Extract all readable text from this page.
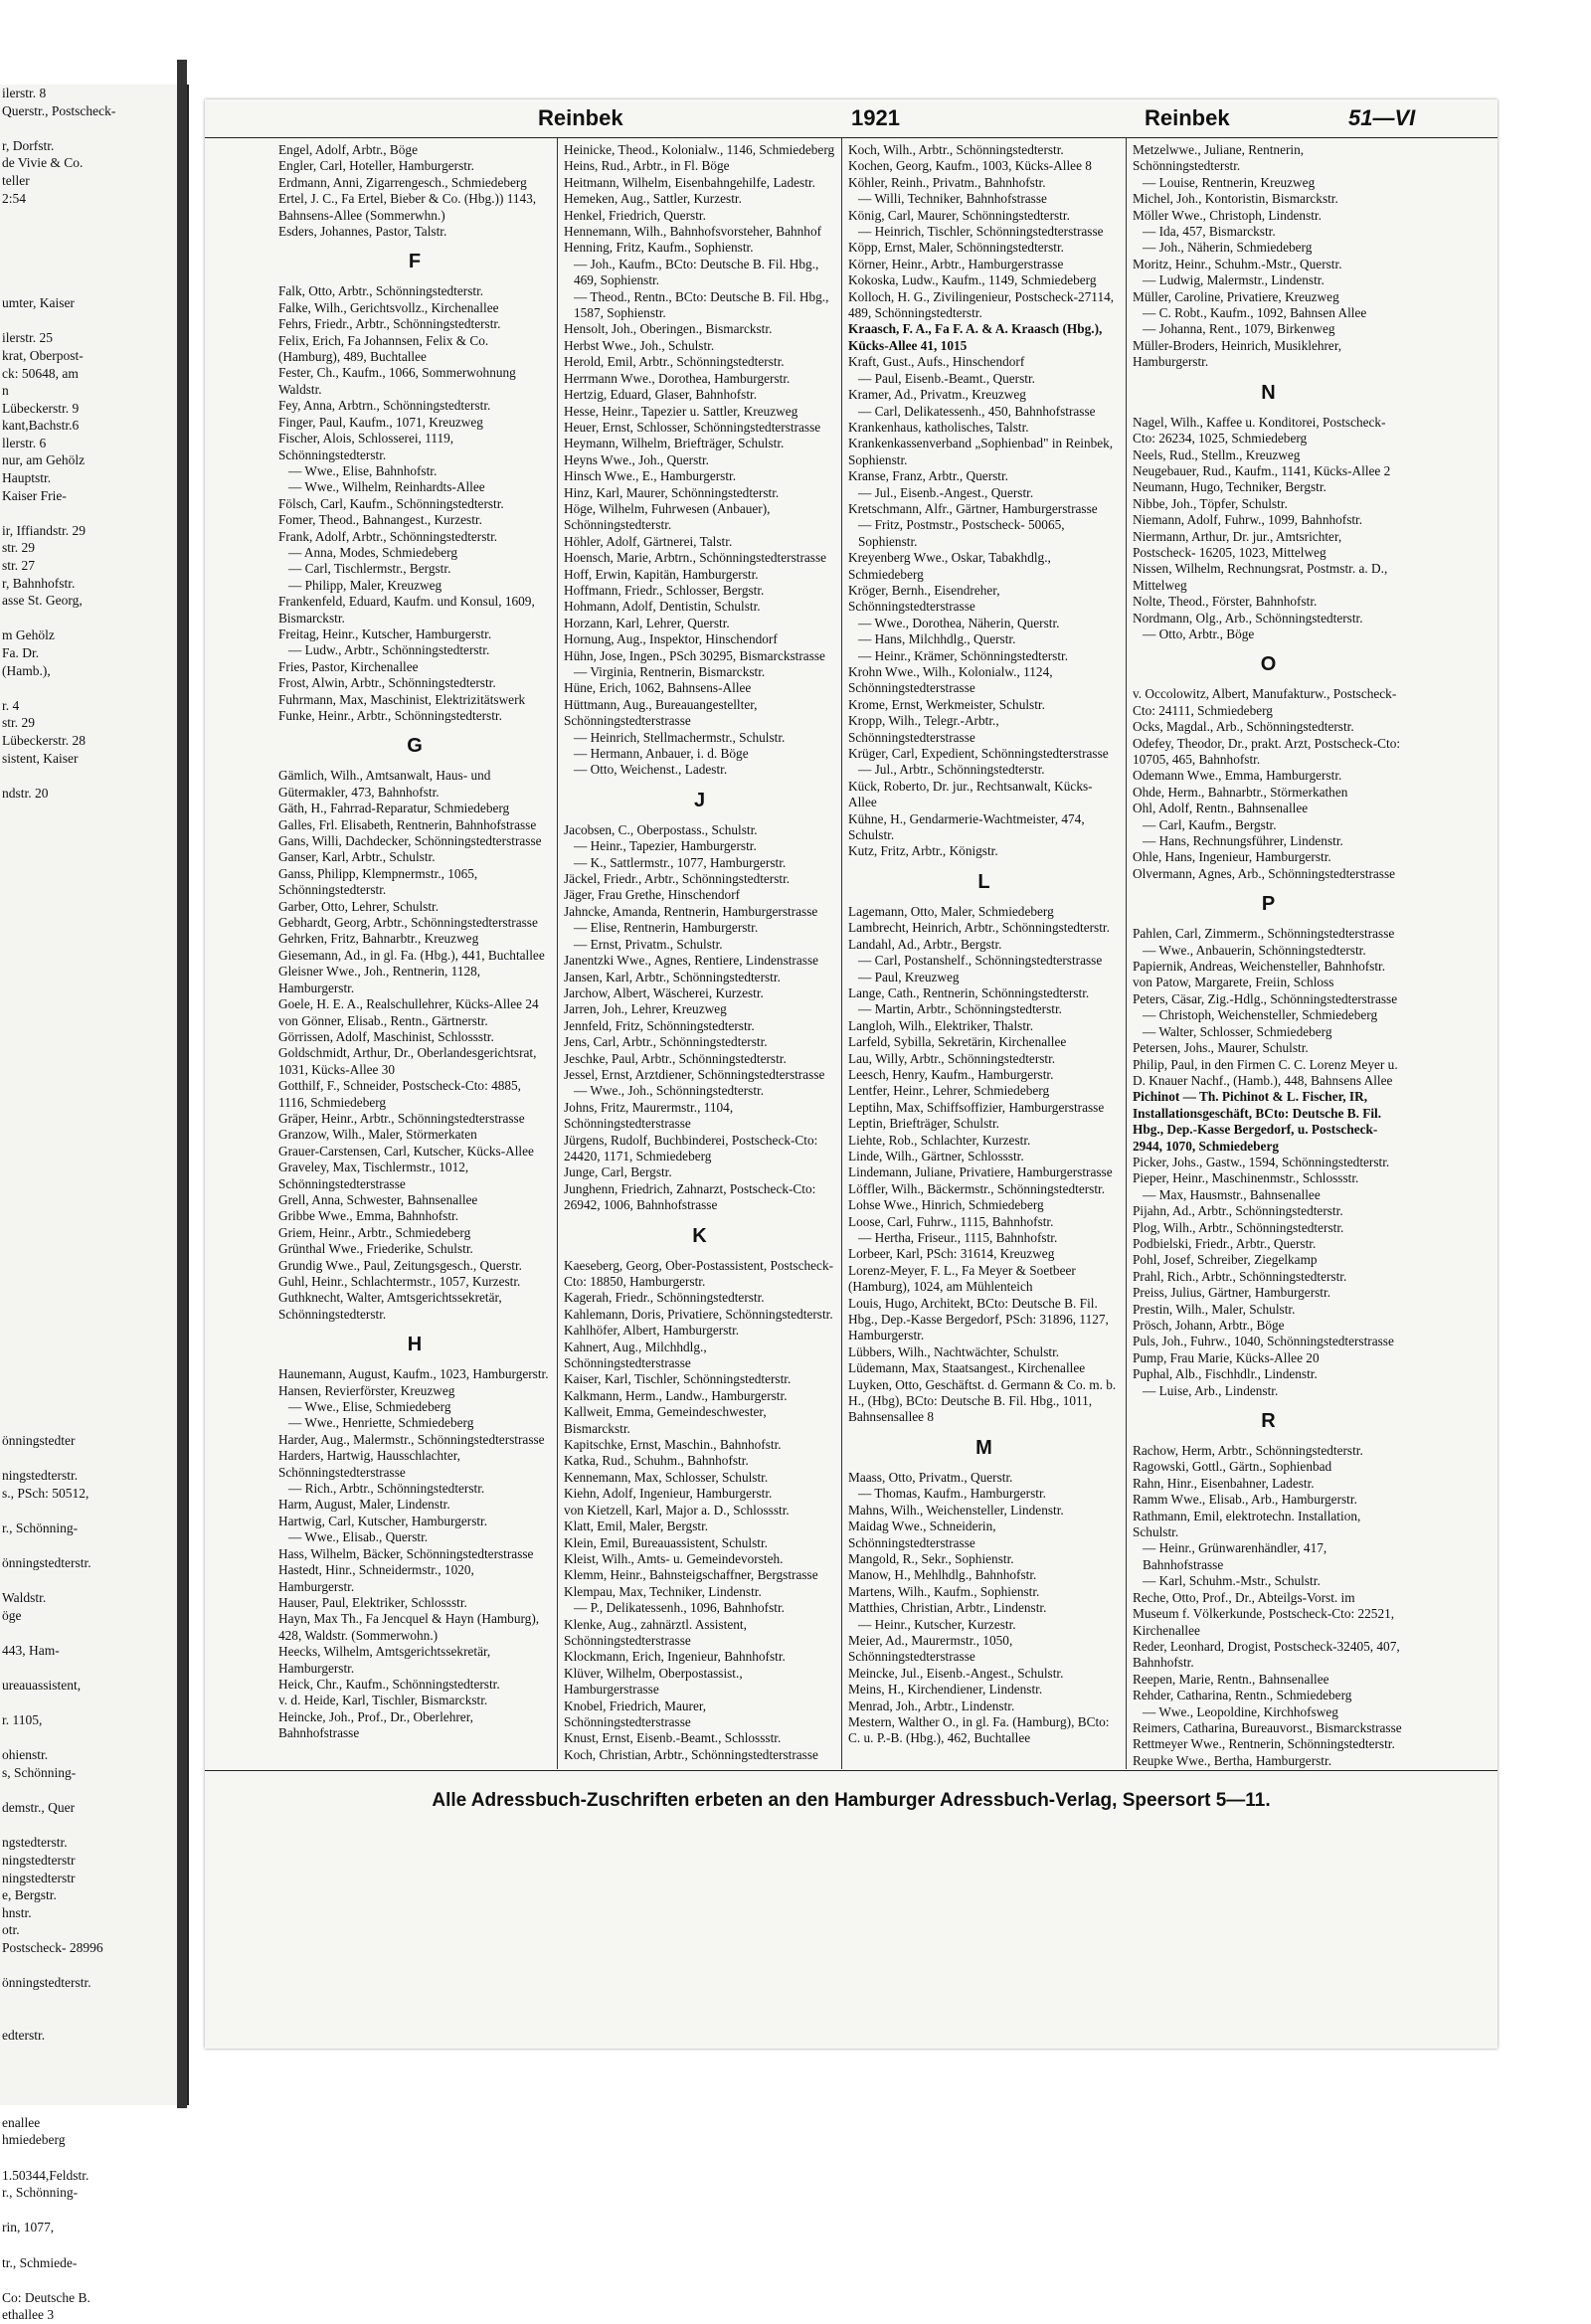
ilerstr. 8
Querstr., Postscheck-
r, Dorfstr.
de Vivie & Co.
teller
2:54
umter, Kaiser
ilerstr. 25
krat, Oberpost-
ck: 50648, am
n
Lübeckerstr. 9
kant,Bachstr.6
llerstr. 6
nur, am Gehölz
Hauptstr.
Kaiser Frie-
ir, Iffiandstr. 29
str. 29
str. 27
r, Bahnhofstr.
asse St. Georg,
m Gehölz
Fa. Dr.
(Hamb.),
r. 4
str. 29
Lübeckerstr. 28
sistent, Kaiser
ndstr. 20
önningstedter
ningstedterstr.
s., PSch: 50512,
r., Schönning-
önningstedterstr.
Waldstr.
öge
443, Ham-
ureauassistent,
r. 1105,
ohienstr.
s, Schönning-
demstr., Quer
ngstedterstr.
ningstedterstr
ningstedterstr
e, Bergstr.
hnstr.
otr.
Postscheck- 28996
önningstedterstr.
edterstr.
enallee
hmiedeberg
1.50344,Feldstr.
r., Schönning-
rin, 1077,
tr., Schmiede-
Co: Deutsche B.
ethallee 3
Reinbek	1921	Reinbek	51—VI
Engel, Adolf, Arbtr., Böge
Engler, Carl, Hoteller, Hamburgerstr.
Erdmann, Anni, Zigarrengesch., Schmiedeberg
Ertel, J. C., Fa Ertel, Bieber & Co. (Hbg.)) 1143, Bahnsens-Allee (Sommerwhn.)
Esders, Johannes, Pastor, Talstr.
F
Falk, Otto, Arbtr., Schönningstedterstr.
Falke, Wilh., Gerichtsvollz., Kirchenallee
Fehrs, Friedr., Arbtr., Schönningstedterstr.
Felix, Erich, Fa Johannsen, Felix & Co. (Hamburg), 489, Buchtallee
Fester, Ch., Kaufm., 1066, Sommerwohnung Waldstr.
Fey, Anna, Arbtrn., Schönningstedterstr.
Finger, Paul, Kaufm., 1071, Kreuzweg
Fischer, Alois, Schlosserei, 1119, Schönningstedterstr.
— Wwe., Elise, Bahnhofstr.
— Wwe., Wilhelm, Reinhardts-Allee
Fölsch, Carl, Kaufm., Schönningstedterstr.
Fomer, Theod., Bahnangest., Kurzestr.
Frank, Adolf, Arbtr., Schönningstedterstr.
— Anna, Modes, Schmiedeberg
— Carl, Tischlermstr., Bergstr.
— Philipp, Maler, Kreuzweg
Frankenfeld, Eduard, Kaufm. und Konsul, 1609, Bismarckstr.
Freitag, Heinr., Kutscher, Hamburgerstr.
— Ludw., Arbtr., Schönningstedterstr.
Fries, Pastor, Kirchenallee
Frost, Alwin, Arbtr., Schönningstedterstr.
Fuhrmann, Max, Maschinist, Elektrizitätswerk
Funke, Heinr., Arbtr., Schönningstedterstr.
G
Gämlich, Wilh., Amtsanwalt, Haus- und Gütermakler, 473, Bahnhofstr.
Gäth, H., Fahrrad-Reparatur, Schmiedeberg
Galles, Frl. Elisabeth, Rentnerin, Bahnhofstrasse
Gans, Willi, Dachdecker, Schönningstedterstrasse
Ganser, Karl, Arbtr., Schulstr.
Ganss, Philipp, Klempnermstr., 1065, Schönningstedterstr.
Garber, Otto, Lehrer, Schulstr.
Gebhardt, Georg, Arbtr., Schönningstedterstrasse
Gehrken, Fritz, Bahnarbtr., Kreuzweg
Giesemann, Ad., in gl. Fa. (Hbg.), 441, Buchtallee
Gleisner Wwe., Joh., Rentnerin, 1128, Hamburgerstr.
Goele, H. E. A., Realschullehrer, Kücks-Allee 24
von Gönner, Elisab., Rentn., Gärtnerstr.
Görrissen, Adolf, Maschinist, Schlossstr.
Goldschmidt, Arthur, Dr., Oberlandesgerichtsrat, 1031, Kücks-Allee 30
Gotthilf, F., Schneider, Postscheck-Cto: 4885, 1116, Schmiedeberg
Gräper, Heinr., Arbtr., Schönningstedterstrasse
Granzow, Wilh., Maler, Störmerkaten
Grauer-Carstensen, Carl, Kutscher, Kücks-Allee
Graveley, Max, Tischlermstr., 1012, Schönningstedterstrasse
Grell, Anna, Schwester, Bahnsenallee
Gribbe Wwe., Emma, Bahnhofstr.
Griem, Heinr., Arbtr., Schmiedeberg
Grünthal Wwe., Friederike, Schulstr.
Grundig Wwe., Paul, Zeitungsgesch., Querstr.
Guhl, Heinr., Schlachtermstr., 1057, Kurzestr.
Guthknecht, Walter, Amtsgerichtssekretär, Schönningstedterstr.
H
Haunemann, August, Kaufm., 1023, Hamburgerstr.
Hansen, Revierförster, Kreuzweg
— Wwe., Elise, Schmiedeberg
— Wwe., Henriette, Schmiedeberg
Harder, Aug., Malermstr., Schönningstedterstrasse
Harders, Hartwig, Hausschlachter, Schönningstedterstrasse
— Rich., Arbtr., Schönningstedterstr.
Harm, August, Maler, Lindenstr.
Hartwig, Carl, Kutscher, Hamburgerstr.
— Wwe., Elisab., Querstr.
Hass, Wilhelm, Bäcker, Schönningstedterstrasse
Hastedt, Hinr., Schneidermstr., 1020, Hamburgerstr.
Hauser, Paul, Elektriker, Schlossstr.
Hayn, Max Th., Fa Jencquel & Hayn (Hamburg), 428, Waldstr. (Sommerwohn.)
Heecks, Wilhelm, Amtsgerichtssekretär, Hamburgerstr.
Heick, Chr., Kaufm., Schönningstedterstr.
v. d. Heide, Karl, Tischler, Bismarckstr.
Heincke, Joh., Prof., Dr., Oberlehrer, Bahnhofstrasse
Heinicke, Theod., Kolonialw., 1146, Schmiedeberg
Heins, Rud., Arbtr., in Fl. Böge
Heitmann, Wilhelm, Eisenbahngehilfe, Ladestr.
Hemeken, Aug., Sattler, Kurzestr.
Henkel, Friedrich, Querstr.
Hennemann, Wilh., Bahnhofsvorsteher, Bahnhof
Henning, Fritz, Kaufm., Sophienstr.
— Joh., Kaufm., BCto: Deutsche B. Fil. Hbg., 469, Sophienstr.
— Theod., Rentn., BCto: Deutsche B. Fil. Hbg., 1587, Sophienstr.
Hensolt, Joh., Oberingen., Bismarckstr.
Herbst Wwe., Joh., Schulstr.
Herold, Emil, Arbtr., Schönningstedterstr.
Herrmann Wwe., Dorothea, Hamburgerstr.
Hertzig, Eduard, Glaser, Bahnhofstr.
Hesse, Heinr., Tapezier u. Sattler, Kreuzweg
Heuer, Ernst, Schlosser, Schönningstedterstrasse
Heymann, Wilhelm, Briefträger, Schulstr.
Heyns Wwe., Joh., Querstr.
Hinsch Wwe., E., Hamburgerstr.
Hinz, Karl, Maurer, Schönningstedterstr.
Höge, Wilhelm, Fuhrwesen (Anbauer), Schönningstedterstr.
Höhler, Adolf, Gärtnerei, Talstr.
Hoensch, Marie, Arbtrn., Schönningstedterstrasse
Hoff, Erwin, Kapitän, Hamburgerstr.
Hoffmann, Friedr., Schlosser, Bergstr.
Hohmann, Adolf, Dentistin, Schulstr.
Horzann, Karl, Lehrer, Querstr.
Hornung, Aug., Inspektor, Hinschendorf
Hühn, Jose, Ingen., PSch 30295, Bismarckstrasse
— Virginia, Rentnerin, Bismarckstr.
Hüne, Erich, 1062, Bahnsens-Allee
Hüttmann, Aug., Bureauangestellter, Schönningstedterstrasse
— Heinrich, Stellmachermstr., Schulstr.
— Hermann, Anbauer, i. d. Böge
— Otto, Weichenst., Ladestr.
J
Jacobsen, C., Oberpostass., Schulstr.
— Heinr., Tapezier, Hamburgerstr.
— K., Sattlermstr., 1077, Hamburgerstr.
Jäckel, Friedr., Arbtr., Schönningstedterstr.
Jäger, Frau Grethe, Hinschendorf
Jahncke, Amanda, Rentnerin, Hamburgerstrasse
— Elise, Rentnerin, Hamburgerstr.
— Ernst, Privatm., Schulstr.
Janentzki Wwe., Agnes, Rentiere, Lindenstrasse
Jansen, Karl, Arbtr., Schönningstedterstr.
Jarchow, Albert, Wäscherei, Kurzestr.
Jarren, Joh., Lehrer, Kreuzweg
Jennfeld, Fritz, Schönningstedterstr.
Jens, Carl, Arbtr., Schönningstedterstr.
Jeschke, Paul, Arbtr., Schönningstedterstr.
Jessel, Ernst, Arztdiener, Schönningstedterstrasse
— Wwe., Joh., Schönningstedterstr.
Johns, Fritz, Maurermstr., 1104, Schönningstedterstrasse
Jürgens, Rudolf, Buchbinderei, Postscheck-Cto: 24420, 1171, Schmiedeberg
Junge, Carl, Bergstr.
Junghenn, Friedrich, Zahnarzt, Postscheck-Cto: 26942, 1006, Bahnhofstrasse
K
Kaeseberg, Georg, Ober-Postassistent, Postscheck-Cto: 18850, Hamburgerstr.
Kagerah, Friedr., Schönningstedterstr.
Kahlemann, Doris, Privatiere, Schönningstedterstr.
Kahlhöfer, Albert, Hamburgerstr.
Kahnert, Aug., Milchhdlg., Schönningstedterstrasse
Kaiser, Karl, Tischler, Schönningstedterstr.
Kalkmann, Herm., Landw., Hamburgerstr.
Kallweit, Emma, Gemeindeschwester, Bismarckstr.
Kapitschke, Ernst, Maschin., Bahnhofstr.
Katka, Rud., Schuhm., Bahnhofstr.
Kennemann, Max, Schlosser, Schulstr.
Kiehn, Adolf, Ingenieur, Hamburgerstr.
von Kietzell, Karl, Major a. D., Schlossstr.
Klatt, Emil, Maler, Bergstr.
Klein, Emil, Bureauassistent, Schulstr.
Kleist, Wilh., Amts- u. Gemeindevorsteh.
Klemm, Heinr., Bahnsteigschaffner, Bergstrasse
Klempau, Max, Techniker, Lindenstr.
— P., Delikatessenh., 1096, Bahnhofstr.
Klenke, Aug., zahnärztl. Assistent, Schönningstedterstrasse
Klockmann, Erich, Ingenieur, Bahnhofstr.
Klüver, Wilhelm, Oberpostassist., Hamburgerstrasse
Knobel, Friedrich, Maurer, Schönningstedterstrasse
Knust, Ernst, Eisenb.-Beamt., Schlossstr.
Koch, Christian, Arbtr., Schönningstedterstrasse
Koch, Wilh., Arbtr., Schönningstedterstr.
Kochen, Georg, Kaufm., 1003, Kücks-Allee 8
Köhler, Reinh., Privatm., Bahnhofstr.
— Willi, Techniker, Bahnhofstrasse
König, Carl, Maurer, Schönningstedterstr.
— Heinrich, Tischler, Schönningstedterstrasse
Köpp, Ernst, Maler, Schönningstedterstr.
Körner, Heinr., Arbtr., Hamburgerstrasse
Kokoska, Ludw., Kaufm., 1149, Schmiedeberg
Kolloch, H. G., Zivilingenieur, Postscheck-27114, 489, Schönningstedterstr.
Kraasch, F. A., Fa F. A. & A. Kraasch (Hbg.), Kücks-Allee 41, 1015
Kraft, Gust., Aufs., Hinschendorf
— Paul, Eisenb.-Beamt., Querstr.
Kramer, Ad., Privatm., Kreuzweg
— Carl, Delikatessenh., 450, Bahnhofstrasse
Krankenhaus, katholisches, Talstr.
Krankenkassenverband „Sophienbad" in Reinbek, Sophienstr.
Kranse, Franz, Arbtr., Querstr.
— Jul., Eisenb.-Angest., Querstr.
Kretschmann, Alfr., Gärtner, Hamburgerstrasse
— Fritz, Postmstr., Postscheck- 50065, Sophienstr.
Kreyenberg Wwe., Oskar, Tabakhdlg., Schmiedeberg
Kröger, Bernh., Eisendreher, Schönningstedterstrasse
— Wwe., Dorothea, Näherin, Querstr.
— Hans, Milchhdlg., Querstr.
— Heinr., Krämer, Schönningstedterstr.
Krohn Wwe., Wilh., Kolonialw., 1124, Schönningstedterstrasse
Krome, Ernst, Werkmeister, Schulstr.
Kropp, Wilh., Telegr.-Arbtr., Schönningstedterstrasse
Krüger, Carl, Expedient, Schönningstedterstrasse
— Jul., Arbtr., Schönningstedterstr.
Kück, Roberto, Dr. jur., Rechtsanwalt, Kücks-Allee
Kühne, H., Gendarmerie-Wachtmeister, 474, Schulstr.
Kutz, Fritz, Arbtr., Königstr.
L
Lagemann, Otto, Maler, Schmiedeberg
Lambrecht, Heinrich, Arbtr., Schönningstedterstr.
Landahl, Ad., Arbtr., Bergstr.
— Carl, Postanshelf., Schönningstedterstrasse
— Paul, Kreuzweg
Lange, Cath., Rentnerin, Schönningstedterstr.
— Martin, Arbtr., Schönningstedterstr.
Langloh, Wilh., Elektriker, Thalstr.
Larfeld, Sybilla, Sekretärin, Kirchenallee
Lau, Willy, Arbtr., Schönningstedterstr.
Leesch, Henry, Kaufm., Hamburgerstr.
Lentfer, Heinr., Lehrer, Schmiedeberg
Leptihn, Max, Schiffsoffizier, Hamburgerstrasse
Leptin, Briefträger, Schulstr.
Liehte, Rob., Schlachter, Kurzestr.
Linde, Wilh., Gärtner, Schlossstr.
Lindemann, Juliane, Privatiere, Hamburgerstrasse
Löffler, Wilh., Bäckermstr., Schönningstedterstr.
Lohse Wwe., Hinrich, Schmiedeberg
Loose, Carl, Fuhrw., 1115, Bahnhofstr.
— Hertha, Friseur., 1115, Bahnhofstr.
Lorbeer, Karl, PSch: 31614, Kreuzweg
Lorenz-Meyer, F. L., Fa Meyer & Soetbeer (Hamburg), 1024, am Mühlenteich
Louis, Hugo, Architekt, BCto: Deutsche B. Fil. Hbg., Dep.-Kasse Bergedorf, PSch: 31896, 1127, Hamburgerstr.
Lübbers, Wilh., Nachtwächter, Schulstr.
Lüdemann, Max, Staatsangest., Kirchenallee
Luyken, Otto, Geschäftst. d. Germann & Co. m. b. H., (Hbg), BCto: Deutsche B. Fil. Hbg., 1011, Bahnsensallee 8
M
Maass, Otto, Privatm., Querstr.
— Thomas, Kaufm., Hamburgerstr.
Mahns, Wilh., Weichensteller, Lindenstr.
Maidag Wwe., Schneiderin, Schönningstedterstrasse
Mangold, R., Sekr., Sophienstr.
Manow, H., Mehlhdlg., Bahnhofstr.
Martens, Wilh., Kaufm., Sophienstr.
Matthies, Christian, Arbtr., Lindenstr.
— Heinr., Kutscher, Kurzestr.
Meier, Ad., Maurermstr., 1050, Schönningstedterstrasse
Meincke, Jul., Eisenb.-Angest., Schulstr.
Meins, H., Kirchendiener, Lindenstr.
Menrad, Joh., Arbtr., Lindenstr.
Mestern, Walther O., in gl. Fa. (Hamburg), BCto: C. u. P.-B. (Hbg.), 462, Buchtallee
Metzelwwe., Juliane, Rentnerin, Schönningstedterstr.
— Louise, Rentnerin, Kreuzweg
Michel, Joh., Kontoristin, Bismarckstr.
Möller Wwe., Christoph, Lindenstr.
— Ida, 457, Bismarckstr.
— Joh., Näherin, Schmiedeberg
Moritz, Heinr., Schuhm.-Mstr., Querstr.
— Ludwig, Malermstr., Lindenstr.
Müller, Caroline, Privatiere, Kreuzweg
— C. Robt., Kaufm., 1092, Bahnsen Allee
— Johanna, Rent., 1079, Birkenweg
Müller-Broders, Heinrich, Musiklehrer, Hamburgerstr.
N
Nagel, Wilh., Kaffee u. Konditorei, Postscheck-Cto: 26234, 1025, Schmiedeberg
Neels, Rud., Stellm., Kreuzweg
Neugebauer, Rud., Kaufm., 1141, Kücks-Allee 2
Neumann, Hugo, Techniker, Bergstr.
Nibbe, Joh., Töpfer, Schulstr.
Niemann, Adolf, Fuhrw., 1099, Bahnhofstr.
Niermann, Arthur, Dr. jur., Amtsrichter, Postscheck- 16205, 1023, Mittelweg
Nissen, Wilhelm, Rechnungsrat, Postmstr. a. D., Mittelweg
Nolte, Theod., Förster, Bahnhofstr.
Nordmann, Olg., Arb., Schönningstedterstr.
— Otto, Arbtr., Böge
O
v. Occolowitz, Albert, Manufakturw., Postscheck-Cto: 24111, Schmiedeberg
Ocks, Magdal., Arb., Schönningstedterstr.
Odefey, Theodor, Dr., prakt. Arzt, Postscheck-Cto: 10705, 465, Bahnhofstr.
Odemann Wwe., Emma, Hamburgerstr.
Ohde, Herm., Bahnarbtr., Störmerkathen
Ohl, Adolf, Rentn., Bahnsenallee
— Carl, Kaufm., Bergstr.
— Hans, Rechnungsführer, Lindenstr.
Ohle, Hans, Ingenieur, Hamburgerstr.
Olvermann, Agnes, Arb., Schönningstedterstrasse
P
Pahlen, Carl, Zimmerm., Schönningstedterstrasse
— Wwe., Anbauerin, Schönningstedterstr.
Papiernik, Andreas, Weichensteller, Bahnhofstr.
von Patow, Margarete, Freiin, Schloss
Peters, Cäsar, Zig.-Hdlg., Schönningstedterstrasse
— Christoph, Weichensteller, Schmiedeberg
— Walter, Schlosser, Schmiedeberg
Petersen, Johs., Maurer, Schulstr.
Philip, Paul, in den Firmen C. C. Lorenz Meyer u. D. Knauer Nachf., (Hamb.), 448, Bahnsens Allee
Pichinot — Th. Pichinot & L. Fischer, IR, Installationsgeschäft, BCto: Deutsche B. Fil. Hbg., Dep.-Kasse Bergedorf, u. Postscheck- 2944, 1070, Schmiedeberg
Picker, Johs., Gastw., 1594, Schönningstedterstr.
Pieper, Heinr., Maschinenmstr., Schlossstr.
— Max, Hausmstr., Bahnsenallee
Pijahn, Ad., Arbtr., Schönningstedterstr.
Plog, Wilh., Arbtr., Schönningstedterstr.
Podbielski, Friedr., Arbtr., Querstr.
Pohl, Josef, Schreiber, Ziegelkamp
Prahl, Rich., Arbtr., Schönningstedterstr.
Preiss, Julius, Gärtner, Hamburgerstr.
Prestin, Wilh., Maler, Schulstr.
Prösch, Johann, Arbtr., Böge
Puls, Joh., Fuhrw., 1040, Schönningstedterstrasse
Pump, Frau Marie, Kücks-Allee 20
Puphal, Alb., Fischhdlr., Lindenstr.
— Luise, Arb., Lindenstr.
R
Rachow, Herm, Arbtr., Schönningstedterstr.
Ragowski, Gottl., Gärtn., Sophienbad
Rahn, Hinr., Eisenbahner, Ladestr.
Ramm Wwe., Elisab., Arb., Hamburgerstr.
Rathmann, Emil, elektrotechn. Installation, Schulstr.
— Heinr., Grünwarenhändler, 417, Bahnhofstrasse
— Karl, Schuhm.-Mstr., Schulstr.
Reche, Otto, Prof., Dr., Abteilgs-Vorst. im Museum f. Völkerkunde, Postscheck-Cto: 22521, Kirchenallee
Reder, Leonhard, Drogist, Postscheck-32405, 407, Bahnhofstr.
Reepen, Marie, Rentn., Bahnsenallee
Rehder, Catharina, Rentn., Schmiedeberg
— Wwe., Leopoldine, Kirchhofsweg
Reimers, Catharina, Bureauvorst., Bismarckstrasse
Rettmeyer Wwe., Rentnerin, Schönningstedterstr.
Reupke Wwe., Bertha, Hamburgerstr.
Alle Adressbuch-Zuschriften erbeten an den Hamburger Adressbuch-Verlag, Speersort 5—11.
